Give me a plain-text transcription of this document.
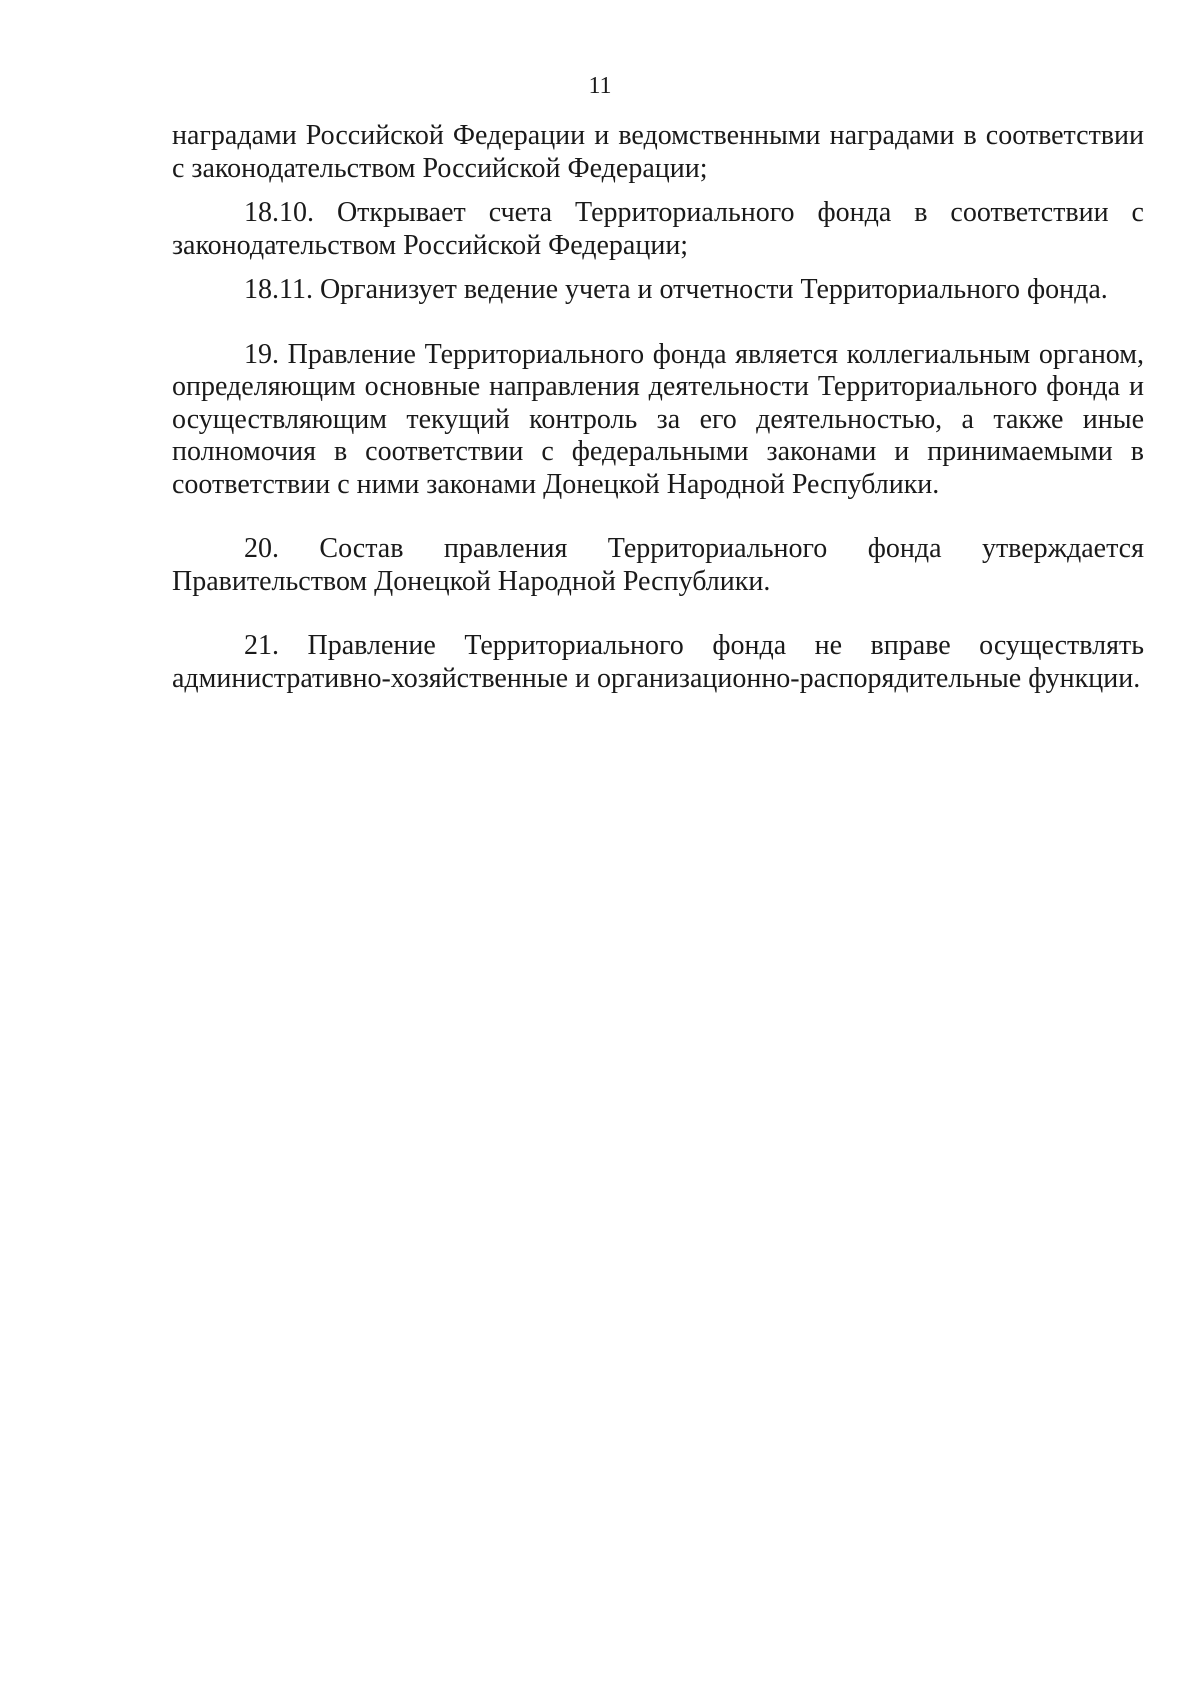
11

наградами Российской Федерации и ведомственными наградами в соответствии с законодательством Российской Федерации;

18.10. Открывает счета Территориального фонда в соответствии с законодательством Российской Федерации;

18.11. Организует ведение учета и отчетности Территориального фонда.

19. Правление Территориального фонда является коллегиальным органом, определяющим основные направления деятельности Территориального фонда и осуществляющим текущий контроль за его деятельностью, а также иные полномочия в соответствии с федеральными законами и принимаемыми в соответствии с ними законами Донецкой Народной Республики.

20. Состав правления Территориального фонда утверждается Правительством Донецкой Народной Республики.

21. Правление Территориального фонда не вправе осуществлять административно-хозяйственные и организационно-распорядительные функции.
